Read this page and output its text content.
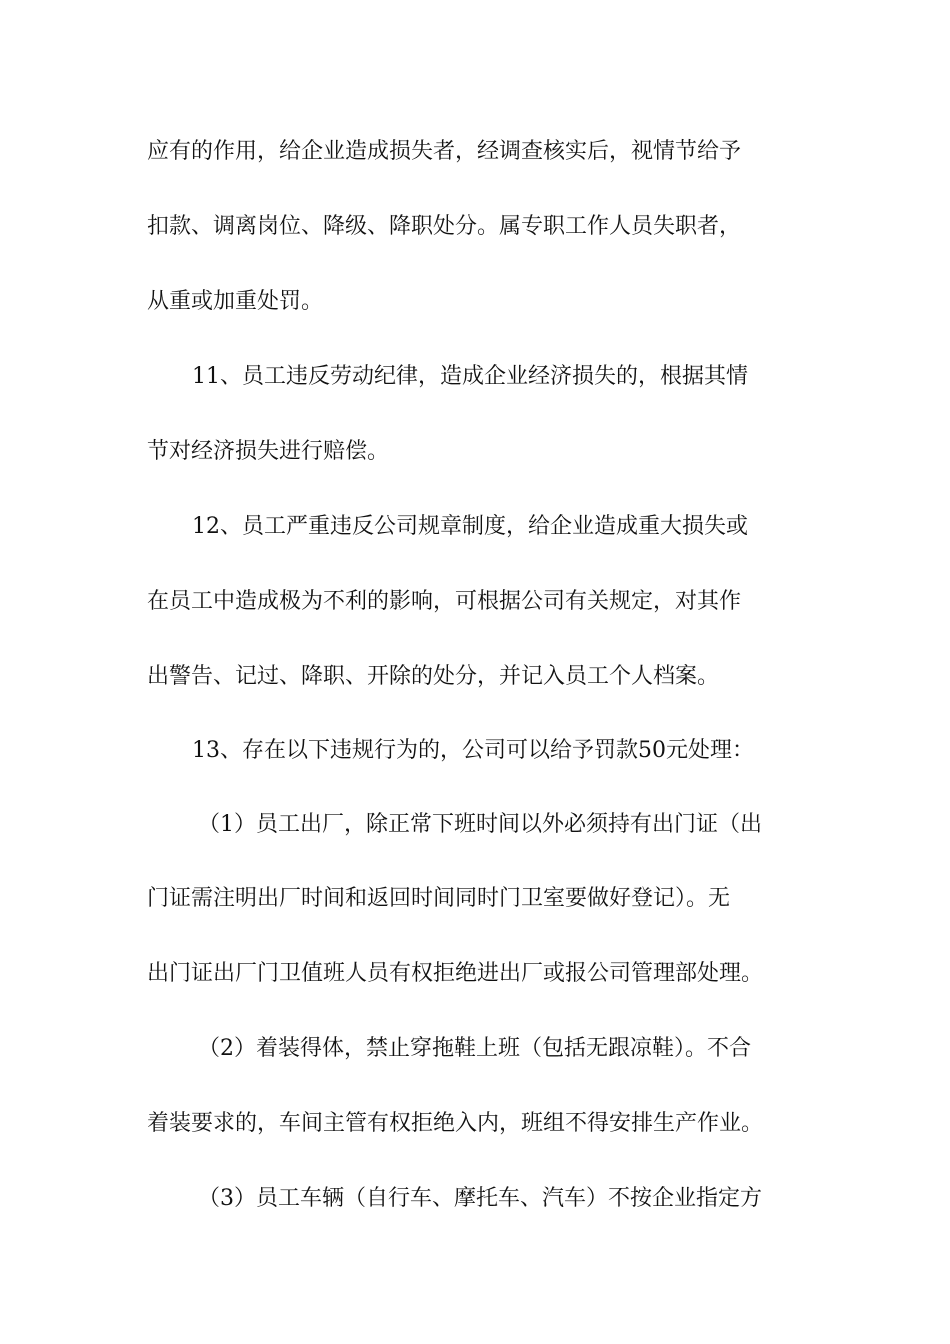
应有的作用，给企业造成损失者，经调查核实后，视情节给予
扣款、调离岗位、降级、降职处分。属专职工作人员失职者，
从重或加重处罚。
11、员工违反劳动纪律，造成企业经济损失的，根据其情
节对经济损失进行赔偿。
12、员工严重违反公司规章制度，给企业造成重大损失或
在员工中造成极为不利的影响，可根据公司有关规定，对其作
出警告、记过、降职、开除的处分，并记入员工个人档案。
13、存在以下违规行为的，公司可以给予罚款50元处理：
（1）员工出厂，除正常下班时间以外必须持有出门证（出
门证需注明出厂时间和返回时间同时门卫室要做好登记）。无
出门证出厂门卫值班人员有权拒绝进出厂或报公司管理部处理。
（2）着装得体，禁止穿拖鞋上班（包括无跟凉鞋）。不合
着装要求的，车间主管有权拒绝入内，班组不得安排生产作业。
（3）员工车辆（自行车、摩托车、汽车）不按企业指定方
